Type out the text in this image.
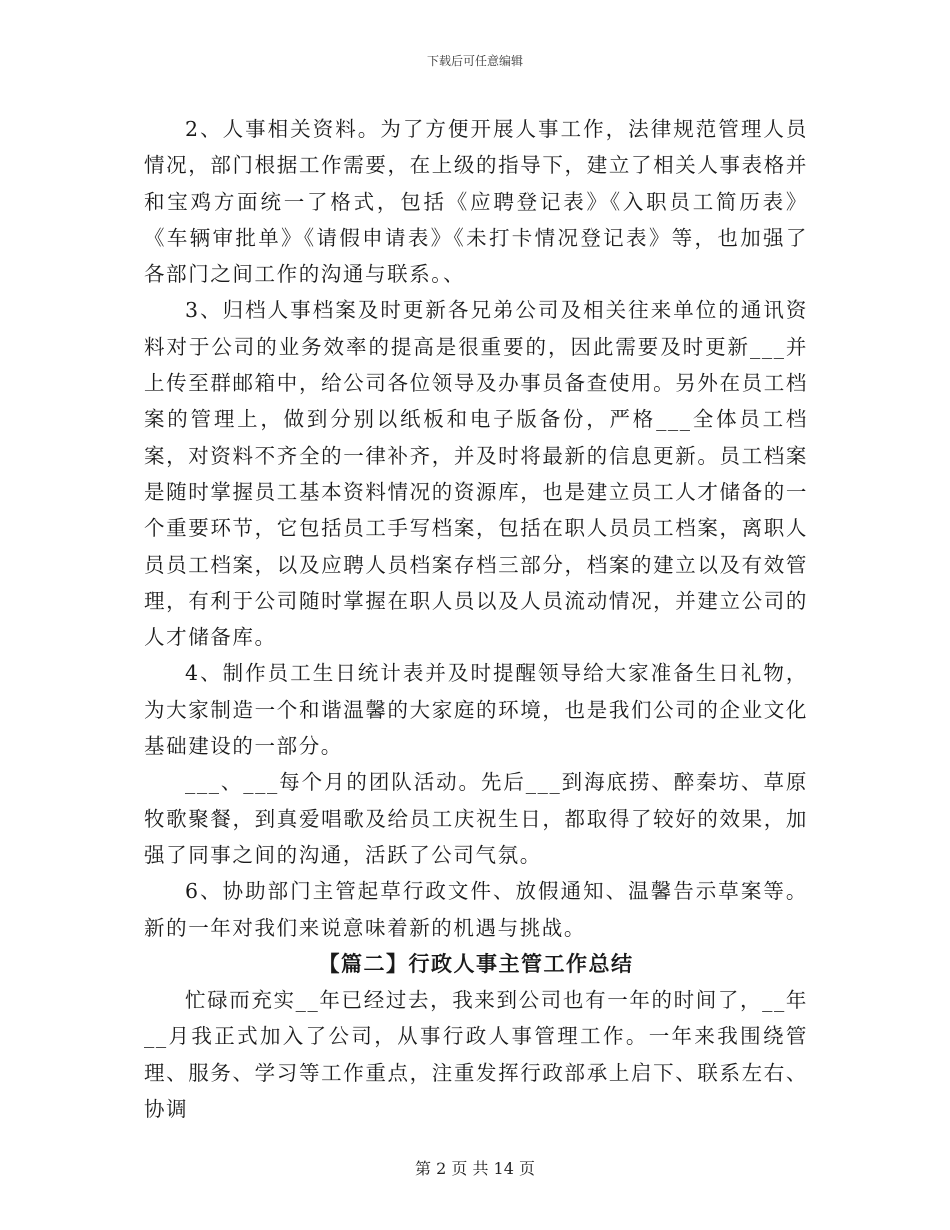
下载后可任意编辑

2、人事相关资料。为了方便开展人事工作，法律规范管理人员情况，部门根据工作需要，在上级的指导下，建立了相关人事表格并和宝鸡方面统一了格式，包括《应聘登记表》《入职员工简历表》《车辆审批单》《请假申请表》《未打卡情况登记表》等，也加强了各部门之间工作的沟通与联系。、

3、归档人事档案及时更新各兄弟公司及相关往来单位的通讯资料对于公司的业务效率的提高是很重要的，因此需要及时更新___并上传至群邮箱中，给公司各位领导及办事员备查使用。另外在员工档案的管理上，做到分别以纸板和电子版备份，严格___全体员工档案，对资料不齐全的一律补齐，并及时将最新的信息更新。员工档案是随时掌握员工基本资料情况的资源库，也是建立员工人才储备的一个重要环节，它包括员工手写档案，包括在职人员员工档案，离职人员员工档案，以及应聘人员档案存档三部分，档案的建立以及有效管理，有利于公司随时掌握在职人员以及人员流动情况，并建立公司的人才储备库。

4、制作员工生日统计表并及时提醒领导给大家准备生日礼物，为大家制造一个和谐温馨的大家庭的环境，也是我们公司的企业文化基础建设的一部分。

___、___每个月的团队活动。先后___到海底捞、醉秦坊、草原牧歌聚餐，到真爱唱歌及给员工庆祝生日，都取得了较好的效果，加强了同事之间的沟通，活跃了公司气氛。

6、协助部门主管起草行政文件、放假通知、温馨告示草案等。新的一年对我们来说意味着新的机遇与挑战。

【篇二】行政人事主管工作总结

忙碌而充实__年已经过去，我来到公司也有一年的时间了，__年__月我正式加入了公司，从事行政人事管理工作。一年来我围绕管理、服务、学习等工作重点，注重发挥行政部承上启下、联系左右、协调

第 2 页 共 14 页
